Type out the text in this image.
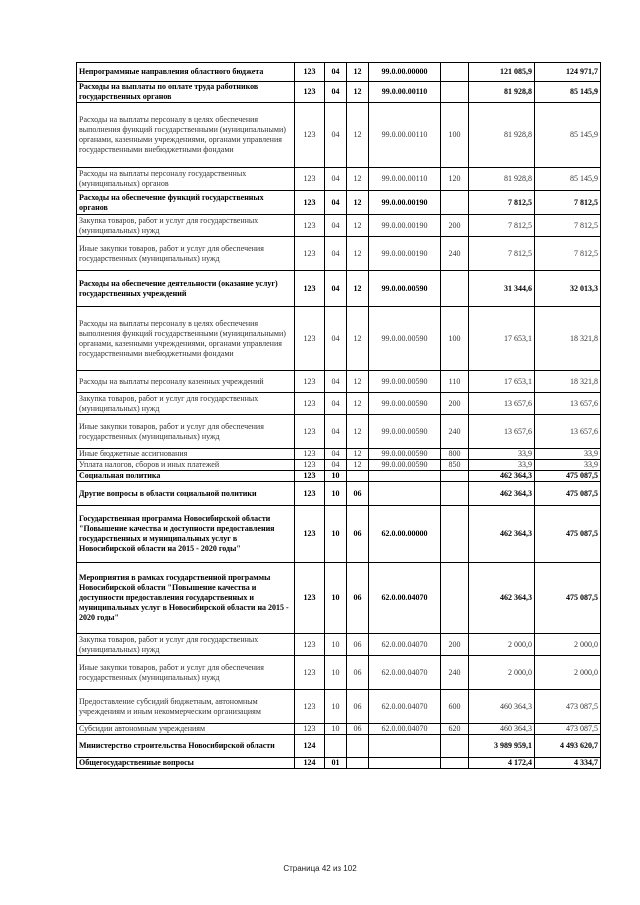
Непрограммные направления областного бюджета	123	04	12	99.0.00.00000		121 085,9	124 971,7
Расходы на выплаты по оплате труда работников государственных органов	123	04	12	99.0.00.00110		81 928,8	85 145,9
Расходы на выплаты персоналу в целях обеспечения выполнения функций государственными (муниципальными) органами, казенными учреждениями, органами управления государственными внебюджетными фондами	123	04	12	99.0.00.00110	100	81 928,8	85 145,9
Расходы на выплаты персоналу государственных (муниципальных) органов	123	04	12	99.0.00.00110	120	81 928,8	85 145,9
Расходы на обеспечение функций государственных органов	123	04	12	99.0.00.00190		7 812,5	7 812,5
Закупка товаров, работ и услуг для государственных (муниципальных) нужд	123	04	12	99.0.00.00190	200	7 812,5	7 812,5
Иные закупки товаров, работ и услуг для обеспечения государственных (муниципальных) нужд	123	04	12	99.0.00.00190	240	7 812,5	7 812,5
Расходы на обеспечение деятельности (оказание услуг) государственных учреждений	123	04	12	99.0.00.00590		31 344,6	32 013,3
Расходы на выплаты персоналу в целях обеспечения выполнения функций государственными (муниципальными) органами, казенными учреждениями, органами управления государственными внебюджетными фондами	123	04	12	99.0.00.00590	100	17 653,1	18 321,8
Расходы на выплаты персоналу казенных учреждений	123	04	12	99.0.00.00590	110	17 653,1	18 321,8
Закупка товаров, работ и услуг для государственных (муниципальных) нужд	123	04	12	99.0.00.00590	200	13 657,6	13 657,6
Иные закупки товаров, работ и услуг для обеспечения государственных (муниципальных) нужд	123	04	12	99.0.00.00590	240	13 657,6	13 657,6
Иные бюджетные ассигнования	123	04	12	99.0.00.00590	800	33,9	33,9
Уплата налогов, сборов и иных платежей	123	04	12	99.0.00.00590	850	33,9	33,9
Социальная политика	123	10				462 364,3	475 087,5
Другие вопросы в области социальной политики	123	10	06			462 364,3	475 087,5
Государственная программа Новосибирской области "Повышение качества и доступности предоставления государственных и муниципальных услуг в Новосибирской области на 2015 - 2020 годы"	123	10	06	62.0.00.00000		462 364,3	475 087,5
Мероприятия в рамках государственной программы Новосибирской области "Повышение качества и доступности предоставления государственных и муниципальных услуг в Новосибирской области на 2015 - 2020 годы"	123	10	06	62.0.00.04070		462 364,3	475 087,5
Закупка товаров, работ и услуг для государственных (муниципальных) нужд	123	10	06	62.0.00.04070	200	2 000,0	2 000,0
Иные закупки товаров, работ и услуг для обеспечения государственных (муниципальных) нужд	123	10	06	62.0.00.04070	240	2 000,0	2 000,0
Предоставление субсидий бюджетным, автономным учреждениям и иным некоммерческим организациям	123	10	06	62.0.00.04070	600	460 364,3	473 087,5
Субсидии автономным учреждениям	123	10	06	62.0.00.04070	620	460 364,3	473 087,5
Министерство строительства Новосибирской области	124					3 989 959,1	4 493 620,7
Общегосударственные вопросы	124	01				4 172,4	4 334,7
Страница 42 из 102
